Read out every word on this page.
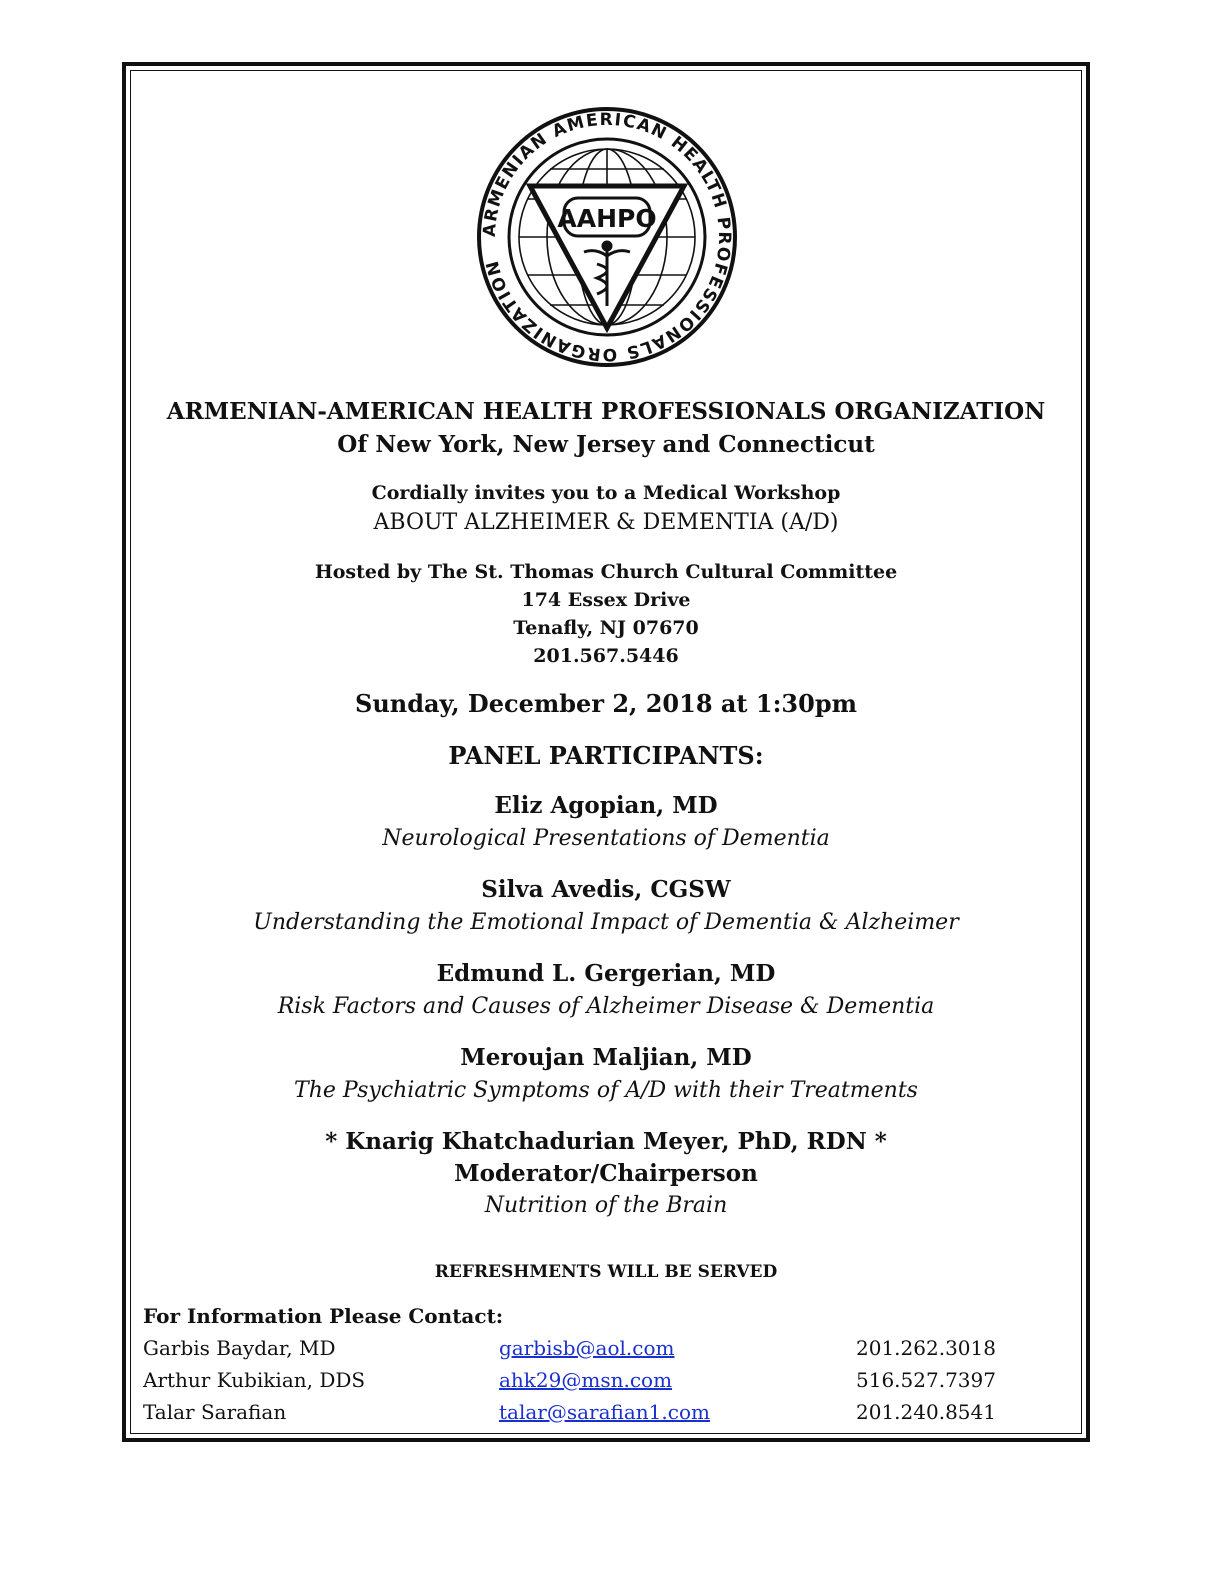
AAHPO
ARMENIAN AMERICAN HEALTH PROFESSIONALS ORGANIZATION
ARMENIAN-AMERICAN HEALTH PROFESSIONALS ORGANIZATION
Of New York, New Jersey and Connecticut
Cordially invites you to a Medical Workshop
ABOUT ALZHEIMER & DEMENTIA (A/D)
Hosted by The St. Thomas Church Cultural Committee
174 Essex Drive
Tenafly, NJ 07670
201.567.5446
Sunday, December 2, 2018 at 1:30pm
PANEL PARTICIPANTS:
Eliz Agopian, MD
Neurological Presentations of Dementia
Silva Avedis, CGSW
Understanding the Emotional Impact of Dementia & Alzheimer
Edmund L. Gergerian, MD
Risk Factors and Causes of Alzheimer Disease & Dementia
Meroujan Maljian, MD
The Psychiatric Symptoms of A/D with their Treatments
* Knarig Khatchadurian Meyer, PhD, RDN *
Moderator/Chairperson
Nutrition of the Brain
REFRESHMENTS WILL BE SERVED
For Information Please Contact:
Garbis Baydar, MD	garbisb@aol.com	201.262.3018
Arthur Kubikian, DDS	ahk29@msn.com	516.527.7397
Talar Sarafian	talar@sarafian1.com	201.240.8541
